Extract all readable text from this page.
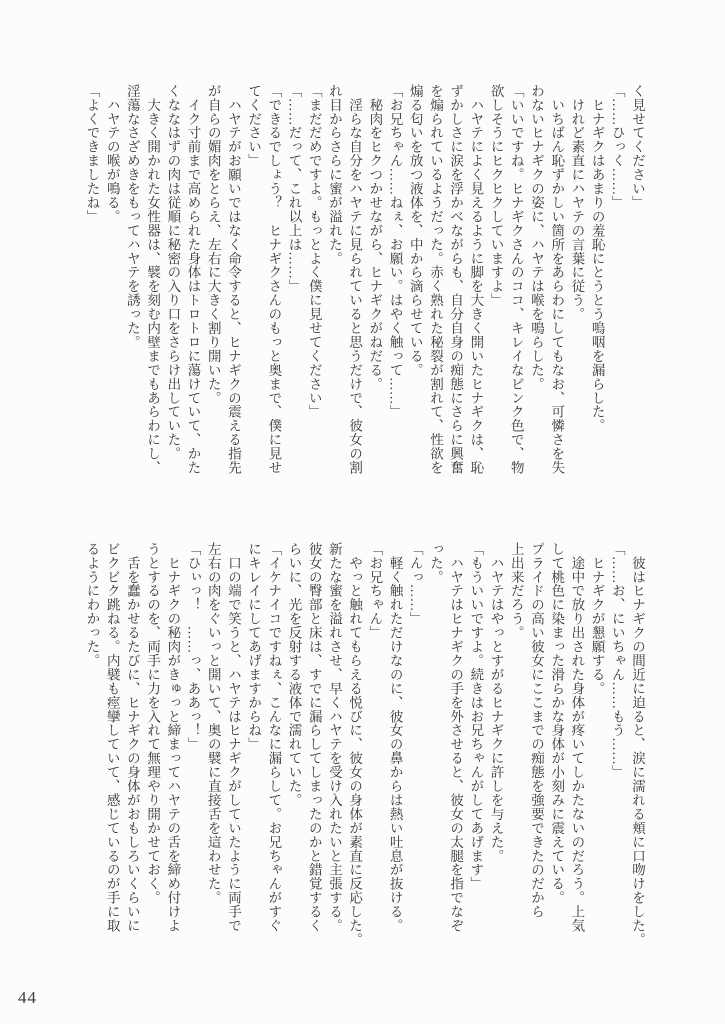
く見せてください」
「……ひっく……」
　ヒナギクはあまりの羞恥にとうとう嗚咽を漏らした。
　けれど素直にハヤテの言葉に従う。
　いちばん恥ずかしい箇所をあらわにしてもなお、可憐さを失
わないヒナギクの姿に、ハヤテは喉を鳴らした。
「いいですね。ヒナギクさんのココ、キレイなピンク色で、物
欲しそうにヒクヒクしていますよ」
　ハヤテによく見えるように脚を大きく開いたヒナギクは、恥
ずかしさに涙を浮かべながらも、自分自身の痴態にさらに興奮
を煽られているようだった。赤く熟れた秘裂が割れて、性欲を
煽る匂いを放つ液体を、中から滴らせている。
「お兄ちゃん……ねぇ、お願い。はやく触って……」
　秘肉をヒクつかせながら、ヒナギクがねだる。
　淫らな自分をハヤテに見られていると思うだけで、彼女の割
れ目からさらに蜜が溢れた。
「まだだめですよ。もっとよく僕に見せてください」
「……だって、これ以上は……」
「できるでしょう？　ヒナギクさんのもっと奥まで、僕に見せ
てください」
　ハヤテがお願いではなく命令すると、ヒナギクの震える指先
が自らの媚肉をとらえ、左右に大きく割り開いた。
　イク寸前まで高められた身体はトロトロに蕩けていて、かた
くななはずの肉は従順に秘密の入り口をさらけ出していた。
　大きく開かれた女性器は、襞を刻む内壁までもあらわにし、
淫蕩なさざめきをもってハヤテを誘った。
　ハヤテの喉が鳴る。
「よくできましたね」
　彼はヒナギクの間近に迫ると、涙に濡れる頬に口吻けをした。
「……お、にいちゃん……もう……」
　ヒナギクが懇願する。
　途中で放り出された身体が疼いてしかたないのだろう。上気
して桃色に染まった滑らかな身体が小刻みに震えている。
プライドの高い彼女にここまでの痴態を強要できたのだから
上出来だろう。
　ハヤテはやっとすがるヒナギクに許しを与えた。
「もういいですよ。続きはお兄ちゃんがしてあげます」
　ハヤテはヒナギクの手を外させると、彼女の太腿を指でなぞ
った。
「んっ……」
　軽く触れただけなのに、彼女の鼻からは熱い吐息が抜ける。
「お兄ちゃん」
　やっと触れてもらえる悦びに、彼女の身体が素直に反応した。
新たな蜜を溢れさせ、早くハヤテを受け入れたいと主張する。
彼女の臀部と床は、すでに漏らしてしまったのかと錯覚するく
らいに、光を反射する液体で濡れていた。
「イケナイコですねぇ、こんなに漏らして。お兄ちゃんがすぐ
にキレイにしてあげますからね」
　口の端で笑うと、ハヤテはヒナギクがしていたように両手で
左右の肉をぐいっと開いて、奥の襞に直接舌を這わせた。
「ひぃっ！　……っ、ああっ！」
　ヒナギクの秘肉がきゅっと締まってハヤテの舌を締め付けよ
うとするのを、両手に力を入れて無理やり開かせておく。
　舌を蠢かせるたびに、ヒナギクの身体がおもしろいくらいに
ビクビク跳ねる。内襞も痙攣していて、感じているのが手に取
るようにわかった。
44
